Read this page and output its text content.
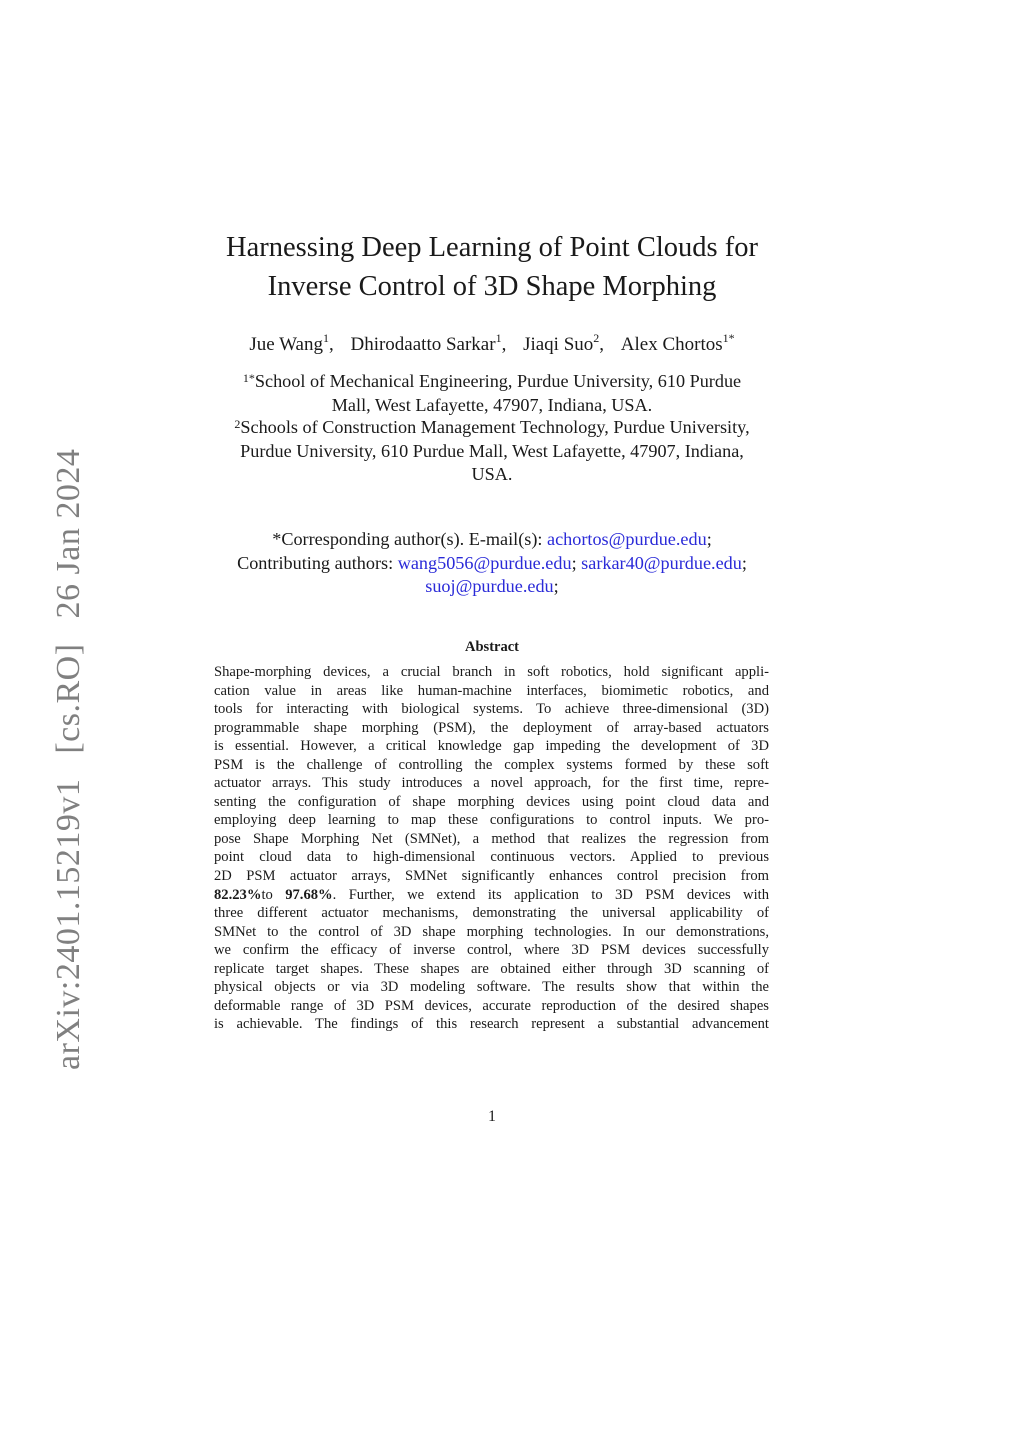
arXiv:2401.15219v1 [cs.RO] 26 Jan 2024
Harnessing Deep Learning of Point Clouds for
Inverse Control of 3D Shape Morphing
Jue Wang$^1$, Dhirodaatto Sarkar$^1$, Jiaqi Suo$^2$, Alex Chortos$^{1*}$
$^{1*}$School of Mechanical Engineering, Purdue University, 610 Purdue
Mall, West Lafayette, 47907, Indiana, USA.
$^2$Schools of Construction Management Technology, Purdue University,
Purdue University, 610 Purdue Mall, West Lafayette, 47907, Indiana,
USA.
*Corresponding author(s). E-mail(s): achortos@purdue.edu;
Contributing authors: wang5056@purdue.edu; sarkar40@purdue.edu;
suoj@purdue.edu;
Abstract
Shape-morphing devices, a crucial branch in soft robotics, hold significant appli-
cation value in areas like human-machine interfaces, biomimetic robotics, and
tools for interacting with biological systems. To achieve three-dimensional (3D)
programmable shape morphing (PSM), the deployment of array-based actuators
is essential. However, a critical knowledge gap impeding the development of 3D
PSM is the challenge of controlling the complex systems formed by these soft
actuator arrays. This study introduces a novel approach, for the first time, repre-
senting the configuration of shape morphing devices using point cloud data and
employing deep learning to map these configurations to control inputs. We pro-
pose Shape Morphing Net (SMNet), a method that realizes the regression from
point cloud data to high-dimensional continuous vectors. Applied to previous
2D PSM actuator arrays, SMNet significantly enhances control precision from
82.23%to 97.68%. Further, we extend its application to 3D PSM devices with
three different actuator mechanisms, demonstrating the universal applicability of
SMNet to the control of 3D shape morphing technologies. In our demonstrations,
we confirm the efficacy of inverse control, where 3D PSM devices successfully
replicate target shapes. These shapes are obtained either through 3D scanning of
physical objects or via 3D modeling software. The results show that within the
deformable range of 3D PSM devices, accurate reproduction of the desired shapes
is achievable. The findings of this research represent a substantial advancement
1
